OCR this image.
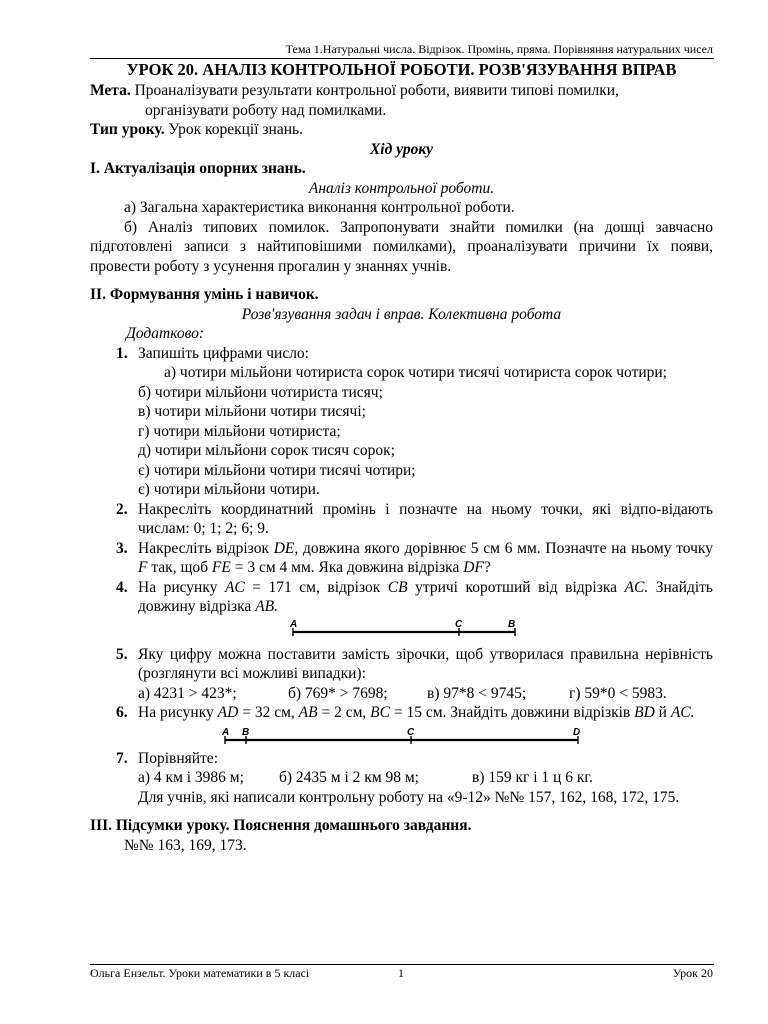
Тема 1.Натуральні числа. Відрізок. Промінь, пряма. Порівняння натуральних чисел
УРОК 20. АНАЛІЗ КОНТРОЛЬНОЇ РОБОТИ. РОЗВ'ЯЗУВАННЯ ВПРАВ

Мета. Проаналізувати результати контрольної роботи, виявити типові помилки,

організувати роботу над помилками.

Тип уроку. Урок корекції знань.

Хід уроку

І. Актуалізація опорних знань.

Аналіз контрольної роботи.

а) Загальна характеристика виконання контрольної роботи.

б) Аналіз типових помилок. Запропонувати знайти помилки (на дошці завчасно підготовлені записи з найтиповішими помилками), проаналізувати причини їх появи, провести роботу з усунення прогалин у знаннях учнів.

ІІ. Формування умінь і навичок.

Розв'язування задач і вправ. Колективна робота

Додатково:

1. Запишіть цифрами число:

а) чотири мільйони чотириста сорок чотири тисячі чотириста сорок чотири;

б) чотири мільйони чотириста тисяч;

в) чотири мільйони чотири тисячі;

г) чотири мільйони чотириста;

д) чотири мільйони сорок тисяч сорок;

є) чотири мільйони чотири тисячі чотири;

є) чотири мільйони чотири.

2. Накресліть координатний промінь і позначте на ньому точки, які відпо-відають числам: 0; 1; 2; 6; 9.
3. Накресліть відрізок DE, довжина якого дорівнює 5 см 6 мм. Позначте на ньому точку F так, щоб FE = 3 см 4 мм. Яка довжина відрізка DF?
4. На рисунку AC = 171 см, відрізок CB утричі коротший від відрізка AC. Знайдіть довжину відрізка AB.
A	C	B
5. Яку цифру можна поставити замість зірочки, щоб утворилася правильна нерівність (розглянути всі можливі випадки):

а) 4231 > 423*;	б) 769* > 7698;	в) 97*8 < 9745;	г) 59*0 < 5983.

6. На рисунку AD = 32 см, AB = 2 см, BC = 15 см. Знайдіть довжини відрізків BD й AC.
A B	C	D
7. Порівняйте:

а) 4 км і 3986 м; б) 2435 м і 2 км 98 м;	в) 159 кг і 1 ц 6 кг.

Для учнів, які написали контрольну роботу на «9-12» №№ 157, 162, 168, 172, 175.

ІІІ. Підсумки уроку. Пояснення домашнього завдання.

№№ 163, 169, 173.

Ольга Ензельт. Уроки математики в 5 класі	1	Урок 20
